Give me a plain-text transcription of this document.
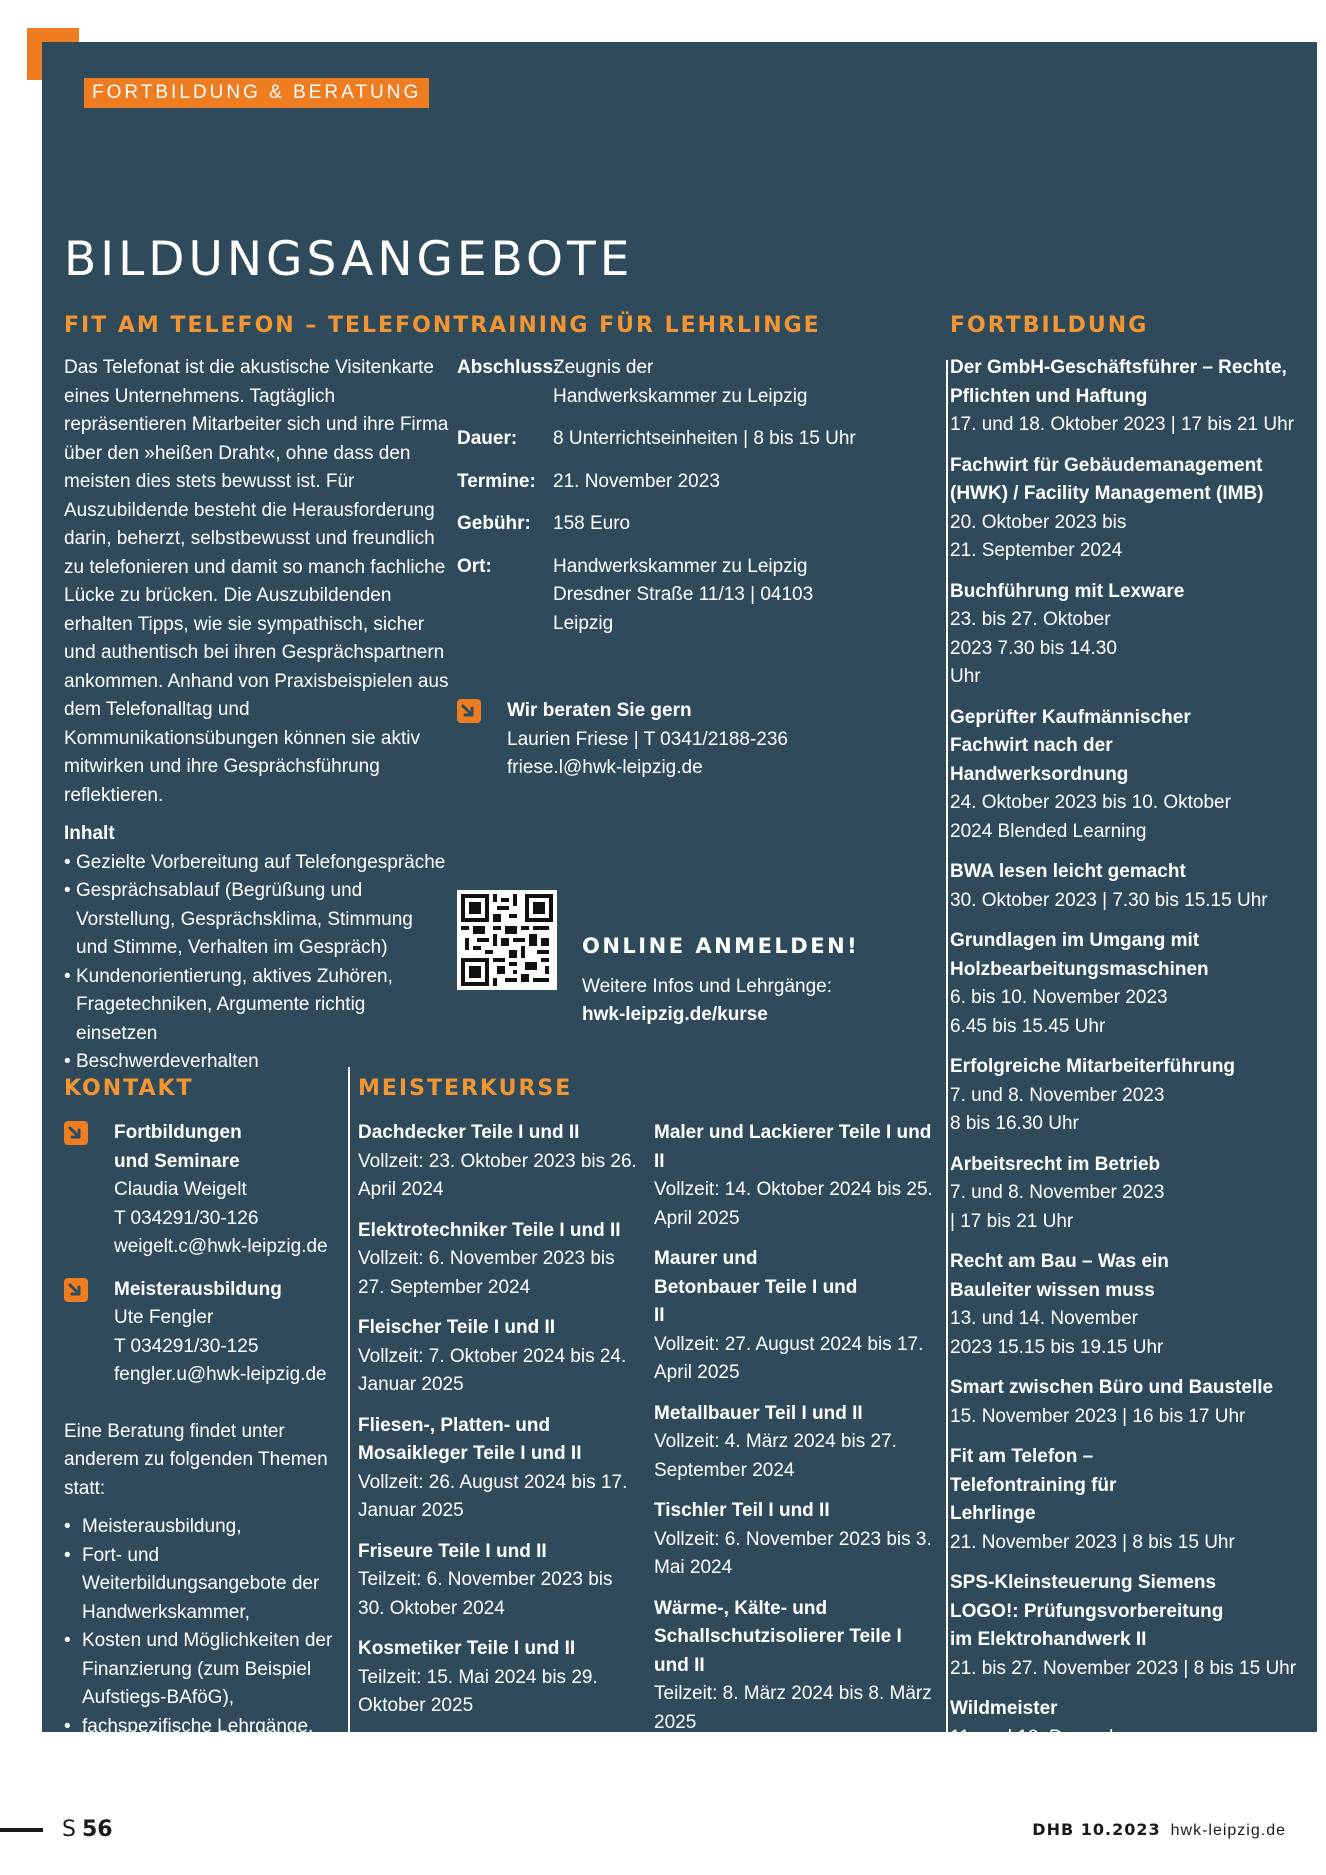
FORTBILDUNG & BERATUNG
BILDUNGSANGEBOTE
FIT AM TELEFON – TELEFONTRAINING FÜR LEHRLINGE	FORTBILDUNG

Das Telefonat ist die akustische Visitenkarte eines Unternehmens. Tagtäglich repräsentieren Mitarbeiter sich und ihre Firma über den »heißen Draht«, ohne dass den meisten dies stets bewusst ist. Für Auszubildende besteht die Herausforderung darin, beherzt, selbstbewusst und freundlich zu telefonieren und damit so manch fachliche Lücke zu brücken. Die Auszubildenden erhalten Tipps, wie sie sympathisch, sicher und authentisch bei ihren Gesprächspartnern ankommen. Anhand von Praxisbeispielen aus dem Telefonalltag und Kommunikationsübungen können sie aktiv mitwirken und ihre Gesprächsführung reflektieren.

Inhalt

• Gezielte Vorbereitung auf Telefongespräche
• Gesprächsablauf (Begrüßung und Vorstellung, Gesprächsklima, Stimmung und Stimme, Verhalten im Gespräch)
• Kundenorientierung, aktives Zuhören, Fragetechniken, Argumente richtig einsetzen
• Beschwerdeverhalten
Abschluss:
Zeugnis der Handwerkskammer zu Leipzig
Dauer:	8 Unterrichtseinheiten | 8 bis 15 Uhr
Termine: 21. November 2023
Gebühr:	158 Euro
Ort:	Handwerkskammer zu Leipzig Dresdner Straße 11/13 | 04103 Leipzig
Wir beraten Sie gern
Laurien Friese | T 0341/2188-236
friese.l@hwk-leipzig.de
ONLINE ANMELDEN!
Weitere Infos und Lehrgänge:
hwk-leipzig.de/kurse
Der GmbH-Geschäftsführer – Rechte, Pflichten und Haftung
17. und 18. Oktober 2023 | 17 bis 21 Uhr
Fachwirt für Gebäudemanagement (HWK) / Facility Management (IMB)
20. Oktober 2023 bis 21. September 2024
Buchführung mit Lexware
23. bis 27. Oktober 2023 7.30 bis 14.30 Uhr
Geprüfter Kaufmännischer Fachwirt nach der Handwerksordnung
24. Oktober 2023 bis 10. Oktober 2024 Blended Learning
BWA lesen leicht gemacht
30. Oktober 2023 | 7.30 bis 15.15 Uhr
Grundlagen im Umgang mit Holzbearbeitungsmaschinen
6. bis 10. November 2023 6.45 bis 15.45 Uhr
Erfolgreiche Mitarbeiterführung
7. und 8. November 2023 8 bis 16.30 Uhr
Arbeitsrecht im Betrieb
7. und 8. November 2023 | 17 bis 21 Uhr
Recht am Bau – Was ein Bauleiter wissen muss
13. und 14. November 2023 15.15 bis 19.15 Uhr
Smart zwischen Büro und Baustelle
15. November 2023 | 16 bis 17 Uhr
Fit am Telefon – Telefontraining für Lehrlinge
21. November 2023 | 8 bis 15 Uhr
SPS-Kleinsteuerung Siemens LOGO!: Prüfungsvorbereitung im Elektrohandwerk II
21. bis 27. November 2023 | 8 bis 15 Uhr
Wildmeister
11. und 12. Dezember 2023 8 bis 15.15 Uhr
KONTAKT
Fortbildungen und Seminare
Claudia Weigelt
T 034291/30-126
weigelt.c@hwk-leipzig.de
Meisterausbildung
Ute Fengler
T 034291/30-125
fengler.u@hwk-leipzig.de

Eine Beratung findet unter anderem zu folgenden Themen statt:

• Meisterausbildung,
• Fort- und Weiterbildungsangebote der Handwerkskammer,
• Kosten und Möglichkeiten der Finanzierung (zum Beispiel Aufstiegs-BAföG),
• fachspezifische Lehrgänge.

Bitte vereinbaren Sie einen individuellen Termin.

MEISTERKURSE
Dachdecker Teile I und II
Vollzeit: 23. Oktober 2023 bis 26. April 2024
Elektrotechniker Teile I und II
Vollzeit: 6. November 2023 bis 27. September 2024
Fleischer Teile I und II
Vollzeit: 7. Oktober 2024 bis 24. Januar 2025
Fliesen-, Platten- und Mosaikleger Teile I und II
Vollzeit: 26. August 2024 bis 17. Januar 2025
Friseure Teile I und II
Teilzeit: 6. November 2023 bis 30. Oktober 2024
Kosmetiker Teile I und II
Teilzeit: 15. Mai 2024 bis 29. Oktober 2025
Maler und Lackierer Teile I und II
Vollzeit: 14. Oktober 2024 bis 25. April 2025
Maurer und Betonbauer Teile I und II
Vollzeit: 27. August 2024 bis 17. April 2025
Metallbauer Teil I und II
Vollzeit: 4. März 2024 bis 27. September 2024
Tischler Teil I und II
Vollzeit: 6. November 2023 bis 3. Mai 2024
Wärme-, Kälte- und Schallschutzisolierer Teile I und II
Teilzeit: 8. März 2024 bis 8. März 2025
Zimmerer Teile I und II
Vollzeit: 11. März 2024 bis 20. Dezember 2024
S 56	DHB 10.2023 hwk-leipzig.de
